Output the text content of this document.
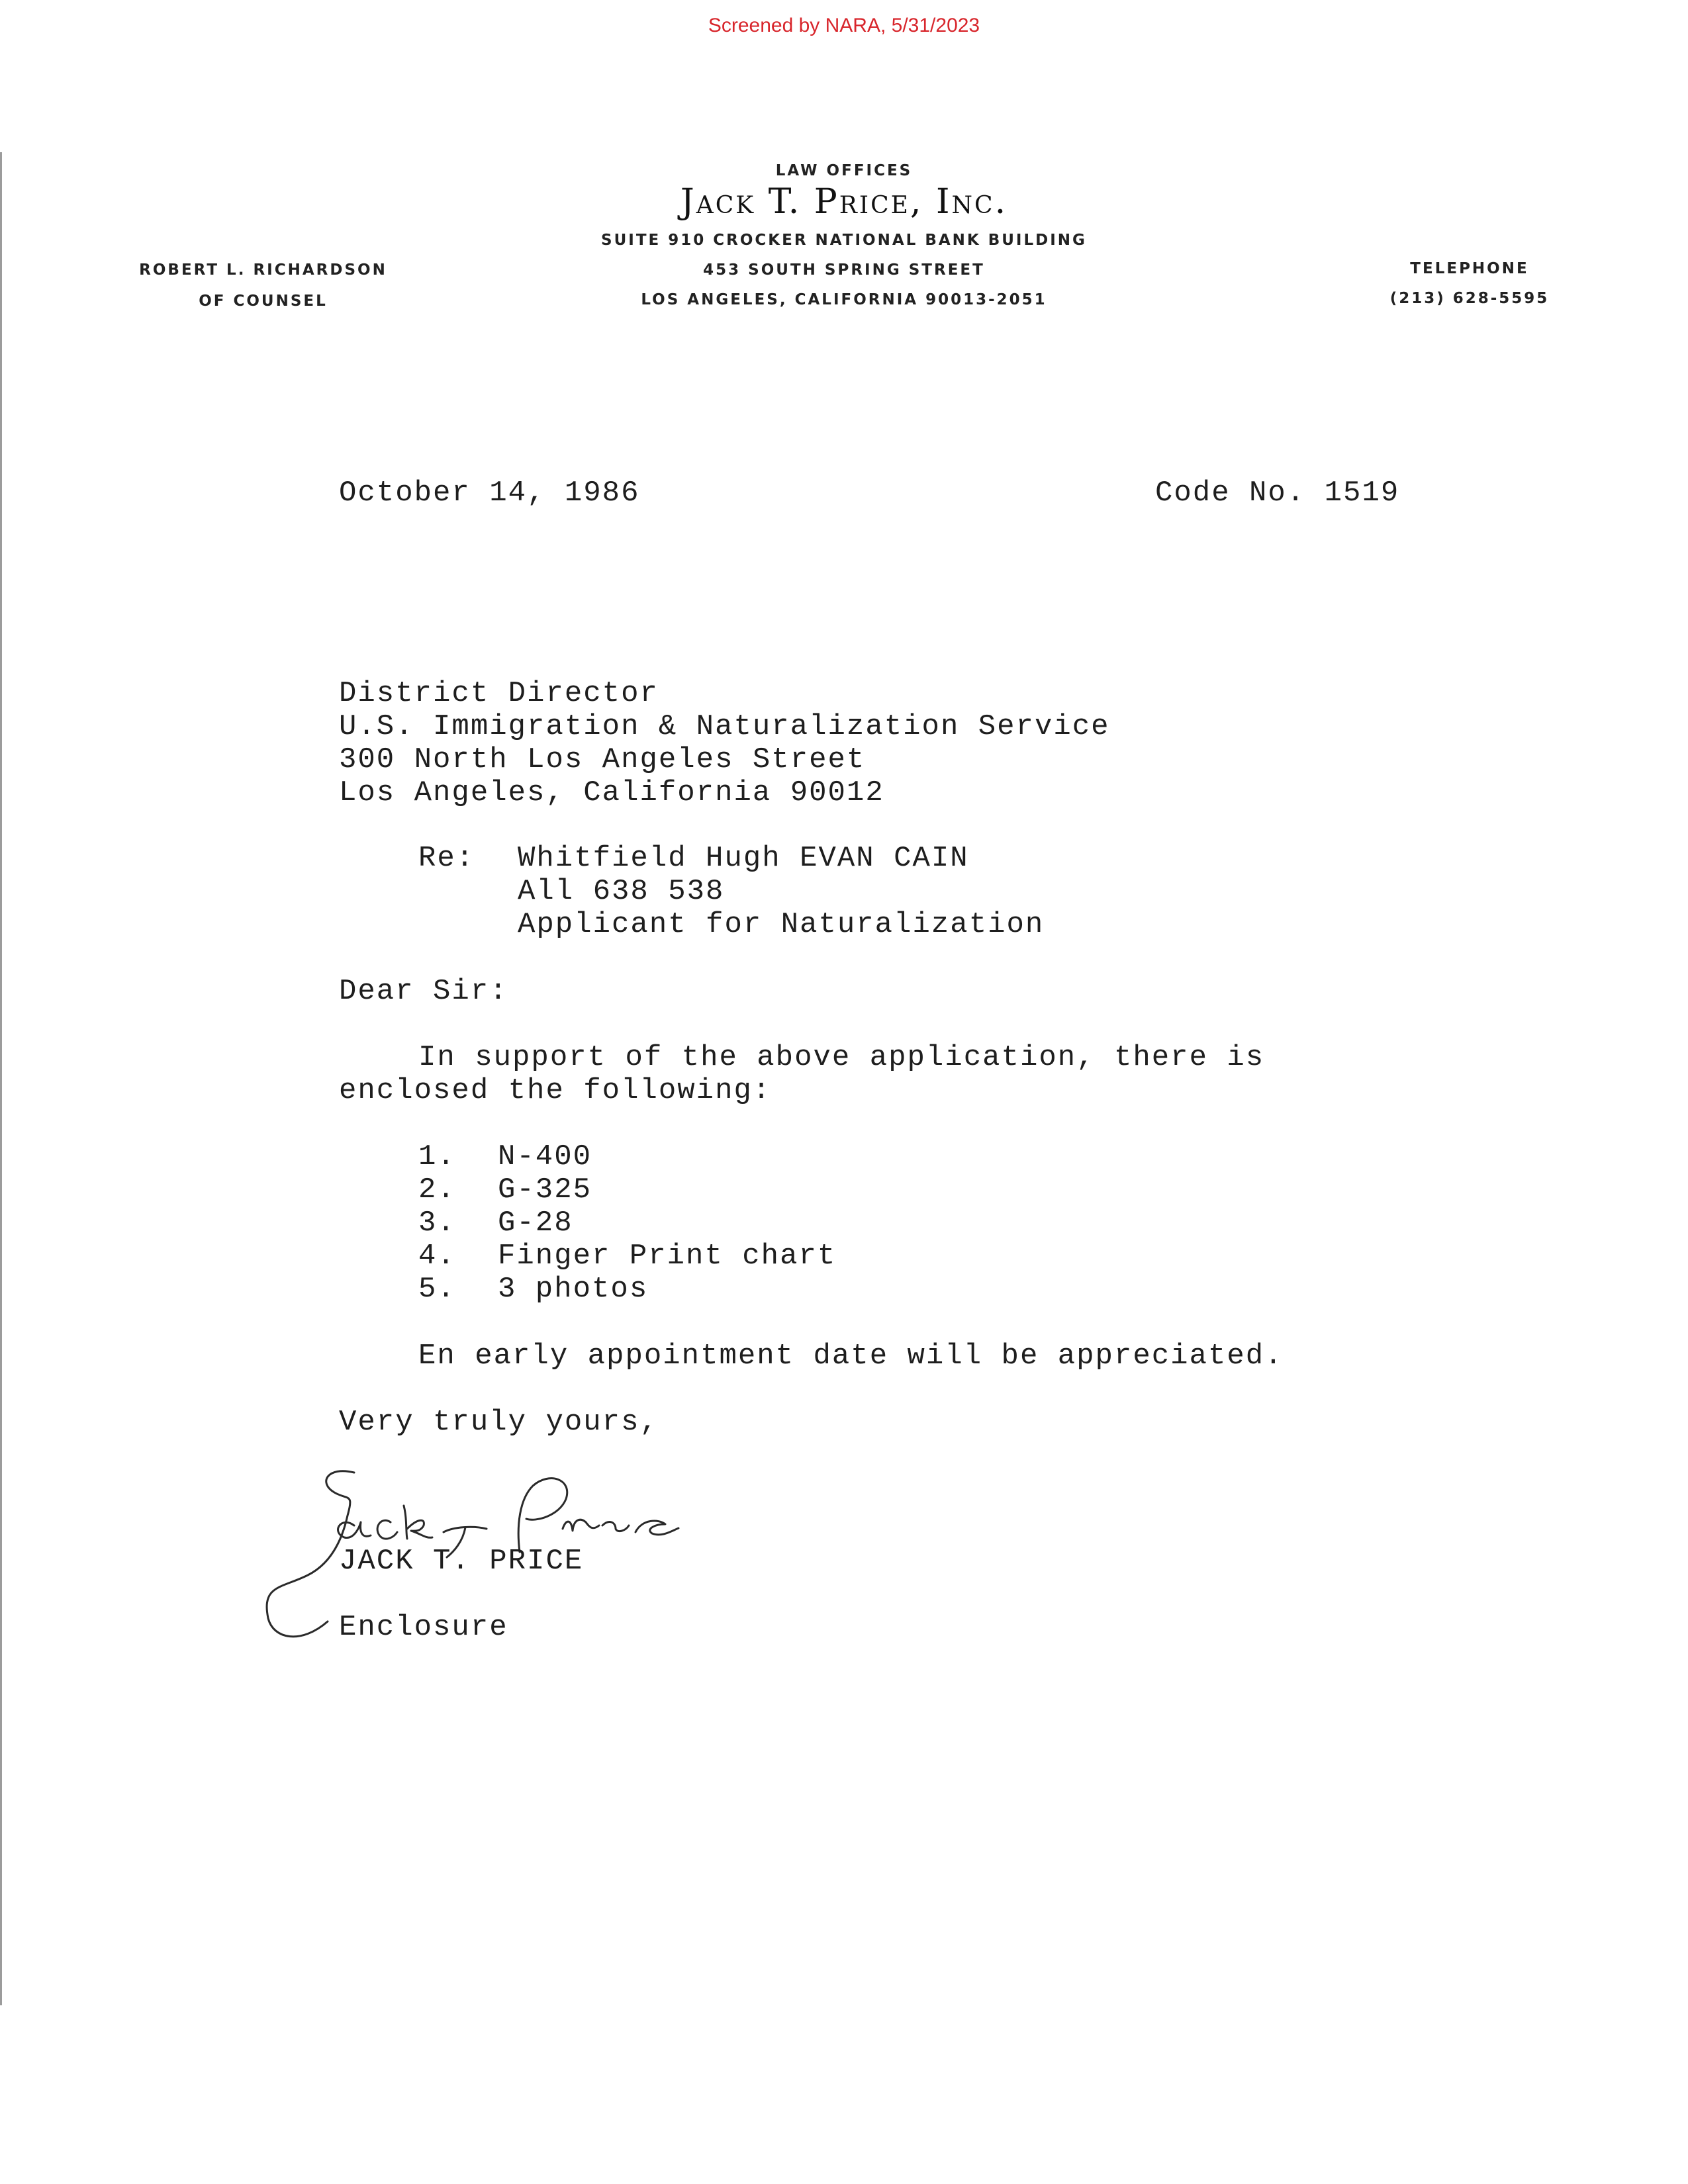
Screened by NARA, 5/31/2023
LAW OFFICES
Jack T. Price, Inc.
SUITE 910 CROCKER NATIONAL BANK BUILDING
453 SOUTH SPRING STREET
LOS ANGELES, CALIFORNIA 90013-2051
ROBERT L. RICHARDSON
OF COUNSEL
TELEPHONE
(213) 628-5595
October 14, 1986	Code No. 1519
District Director
U.S. Immigration & Naturalization Service
300 North Los Angeles Street
Los Angeles, California 90012
Re: Whitfield Hugh EVAN CAIN
All 638 538
Applicant for Naturalization
Dear Sir:
In support of the above application, there is
enclosed the following:
1. N-400
2. G-325
3. G-28
4. Finger Print chart
5. 3 photos
En early appointment date will be appreciated.
Very truly yours,
JACK T. PRICE
Enclosure
